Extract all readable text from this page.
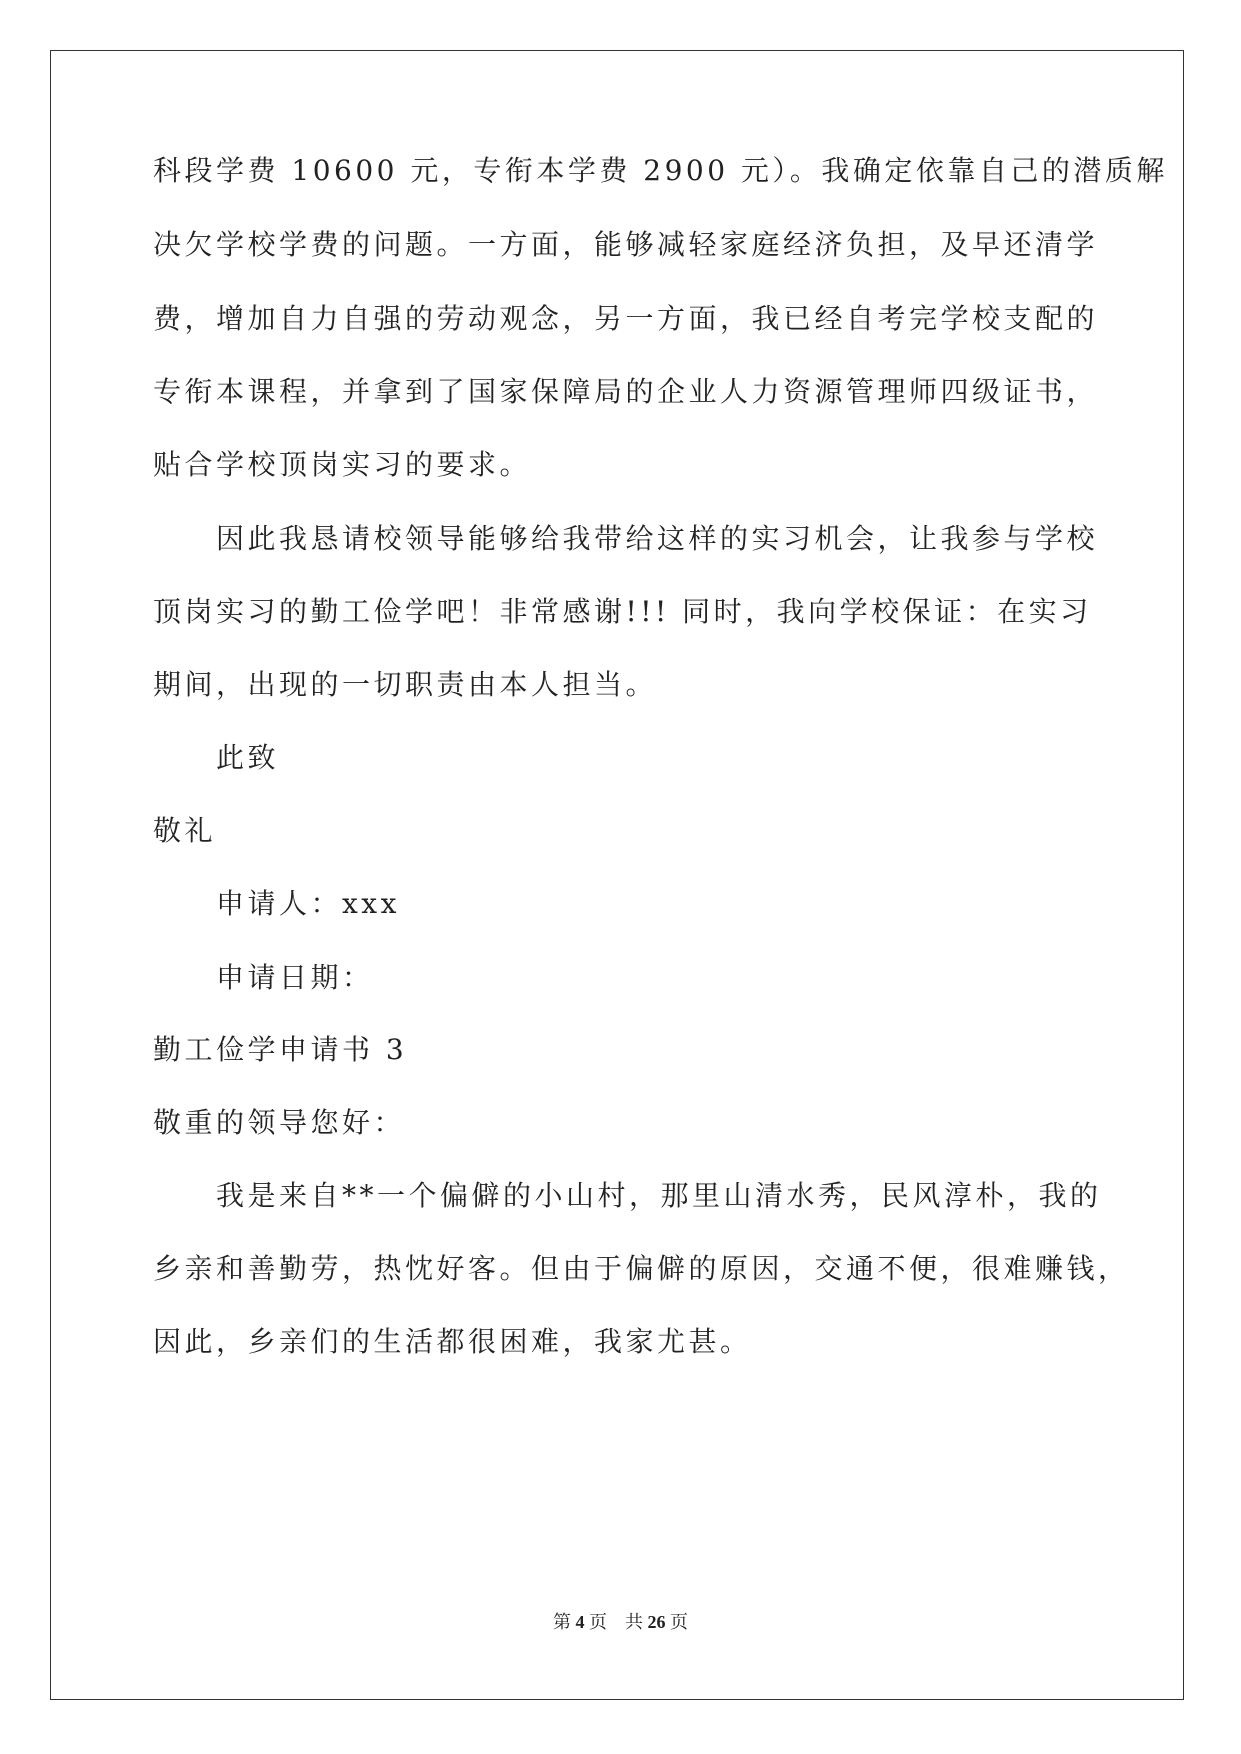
科段学费 10600 元，专衔本学费 2900 元）。我确定依靠自己的潜质解
决欠学校学费的问题。一方面，能够减轻家庭经济负担，及早还清学
费，增加自力自强的劳动观念，另一方面，我已经自考完学校支配的
专衔本课程，并拿到了国家保障局的企业人力资源管理师四级证书，
贴合学校顶岗实习的要求。
因此我恳请校领导能够给我带给这样的实习机会，让我参与学校
顶岗实习的勤工俭学吧！非常感谢!!! 同时，我向学校保证：在实习
期间，出现的一切职责由本人担当。
此致
敬礼
申请人：xxx
申请日期：
勤工俭学申请书 3
敬重的领导您好：
我是来自**一个偏僻的小山村，那里山清水秀，民风淳朴，我的
乡亲和善勤劳，热忱好客。但由于偏僻的原因，交通不便，很难赚钱，
因此，乡亲们的生活都很困难，我家尤甚。
第 4 页 共 26 页
